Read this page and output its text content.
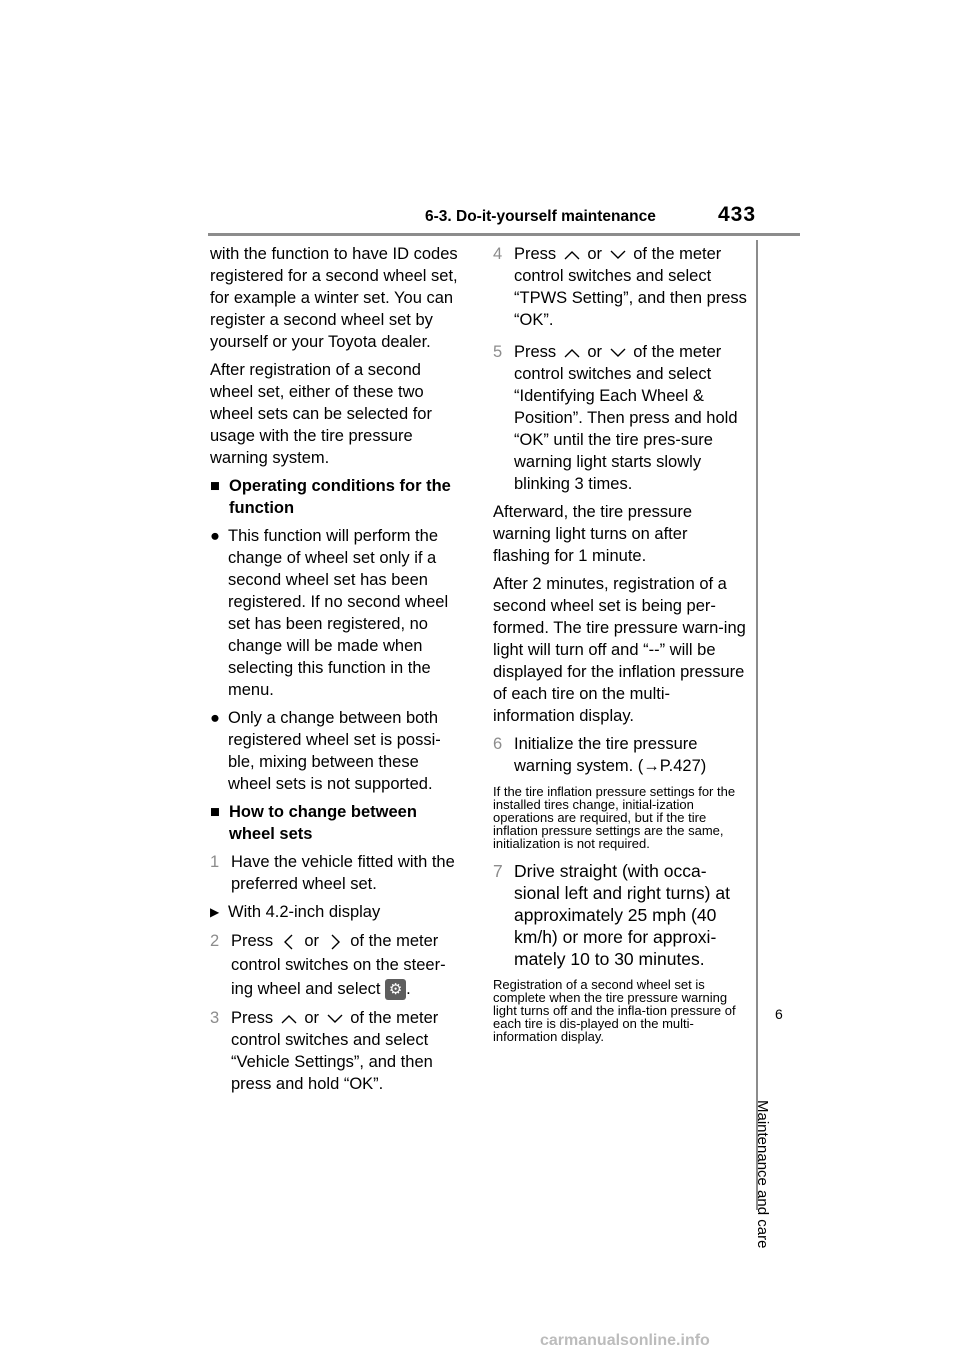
6-3. Do-it-yourself maintenance	433
6
Maintenance and care

with the function to have ID codes registered for a second wheel set, for example a winter set. You can register a second wheel set by yourself or your Toyota dealer.

After registration of a second wheel set, either of these two wheel sets can be selected for usage with the tire pressure warning system.

■ Operating conditions for the function
● This function will perform the change of wheel set only if a second wheel set has been registered. If no second wheel set has been registered, no change will be made when selecting this function in the menu.
● Only a change between both registered wheel set is possi-ble, mixing between these wheel sets is not supported.
■ How to change between wheel sets
1 Have the vehicle fitted with the preferred wheel set.
▶ With 4.2-inch display
2 Press or of the meter control switches on the steer-ing wheel and select ⚙ .
3 Press or of the meter control switches and select “Vehicle Settings”, and then press and hold “OK”.
4 Press or of the meter control switches and select “TPWS Setting”, and then press “OK”.
5 Press or of the meter control switches and select “Identifying Each Wheel & Position”. Then press and hold “OK” until the tire pres-sure warning light starts slowly blinking 3 times.

Afterward, the tire pressure warning light turns on after flashing for 1 minute.

After 2 minutes, registration of a second wheel set is being per-formed. The tire pressure warn-ing light will turn off and “--” will be displayed for the inflation pressure of each tire on the multi-information display.

6 Initialize the tire pressure warning system. (→P.427)

If the tire inflation pressure settings for the installed tires change, initial-ization operations are required, but if the tire inflation pressure settings are the same, initialization is not required.

7 Drive straight (with occa-sional left and right turns) at approximately 25 mph (40 km/h) or more for approxi-mately 10 to 30 minutes.

Registration of a second wheel set is complete when the tire pressure warning light turns off and the infla-tion pressure of each tire is dis-played on the multi-information display.

carmanualsonline.info
